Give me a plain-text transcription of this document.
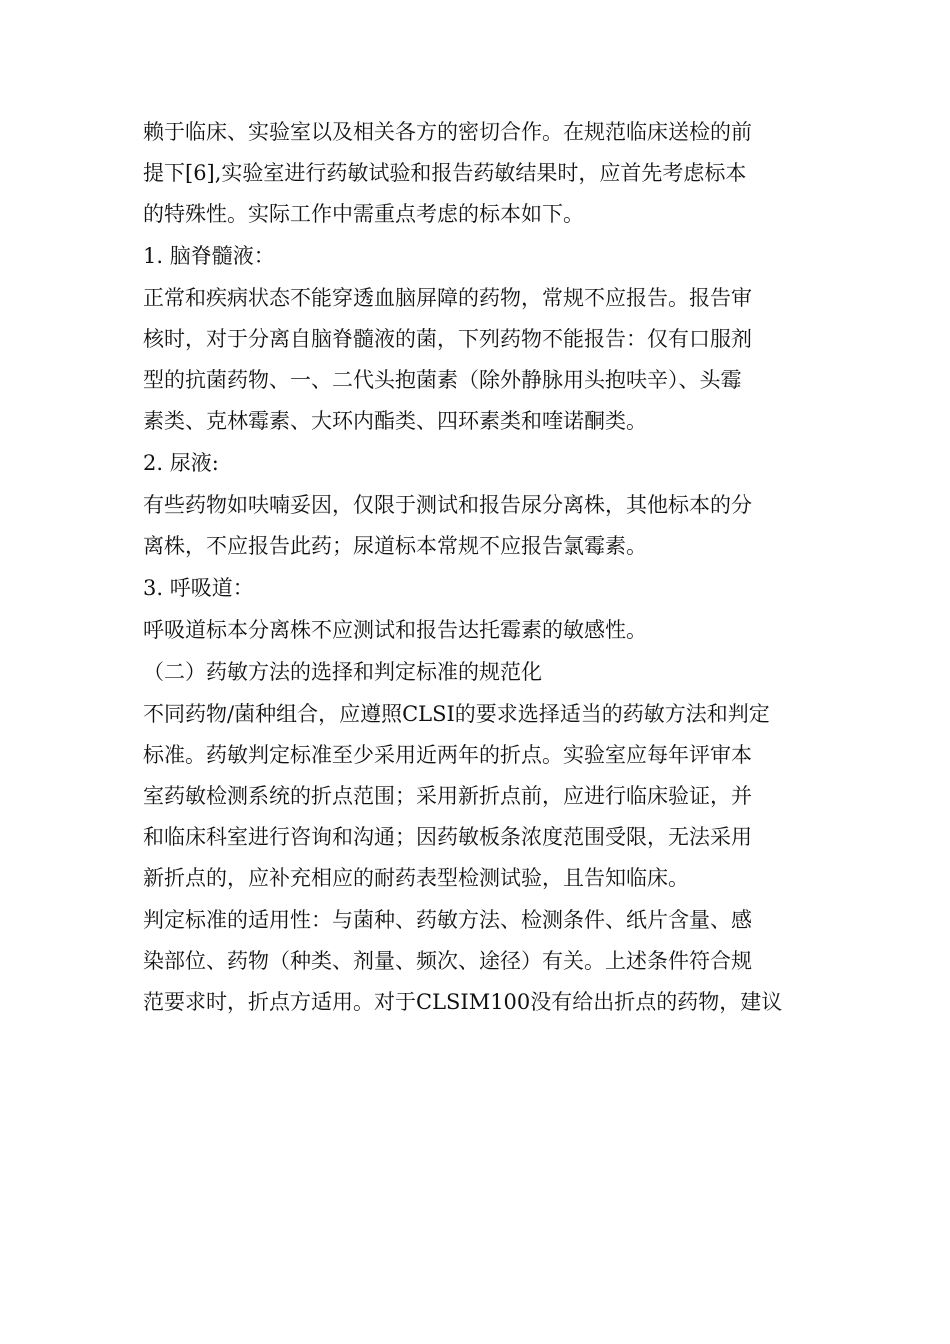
赖于临床、实验室以及相关各方的密切合作。在规范临床送检的前

提下[6],实验室进行药敏试验和报告药敏结果时，应首先考虑标本

的特殊性。实际工作中需重点考虑的标本如下。

1. 脑脊髓液：

正常和疾病状态不能穿透血脑屏障的药物，常规不应报告。报告审

核时，对于分离自脑脊髓液的菌，下列药物不能报告：仅有口服剂

型的抗菌药物、一、二代头抱菌素（除外静脉用头抱呋辛）、头霉

素类、克林霉素、大环内酯类、四环素类和喹诺酮类。

2. 尿液:

有些药物如呋喃妥因，仅限于测试和报告尿分离株，其他标本的分

离株，不应报告此药；尿道标本常规不应报告氯霉素。

3. 呼吸道：

呼吸道标本分离株不应测试和报告达托霉素的敏感性。

（二）药敏方法的选择和判定标准的规范化

不同药物/菌种组合，应遵照CLSI的要求选择适当的药敏方法和判定

标准。药敏判定标准至少采用近两年的折点。实验室应每年评审本

室药敏检测系统的折点范围；采用新折点前，应进行临床验证，并

和临床科室进行咨询和沟通；因药敏板条浓度范围受限，无法采用

新折点的，应补充相应的耐药表型检测试验，且告知临床。

判定标准的适用性：与菌种、药敏方法、检测条件、纸片含量、感

染部位、药物（种类、剂量、频次、途径）有关。上述条件符合规

范要求时，折点方适用。对于CLSIM100没有给出折点的药物，建议
